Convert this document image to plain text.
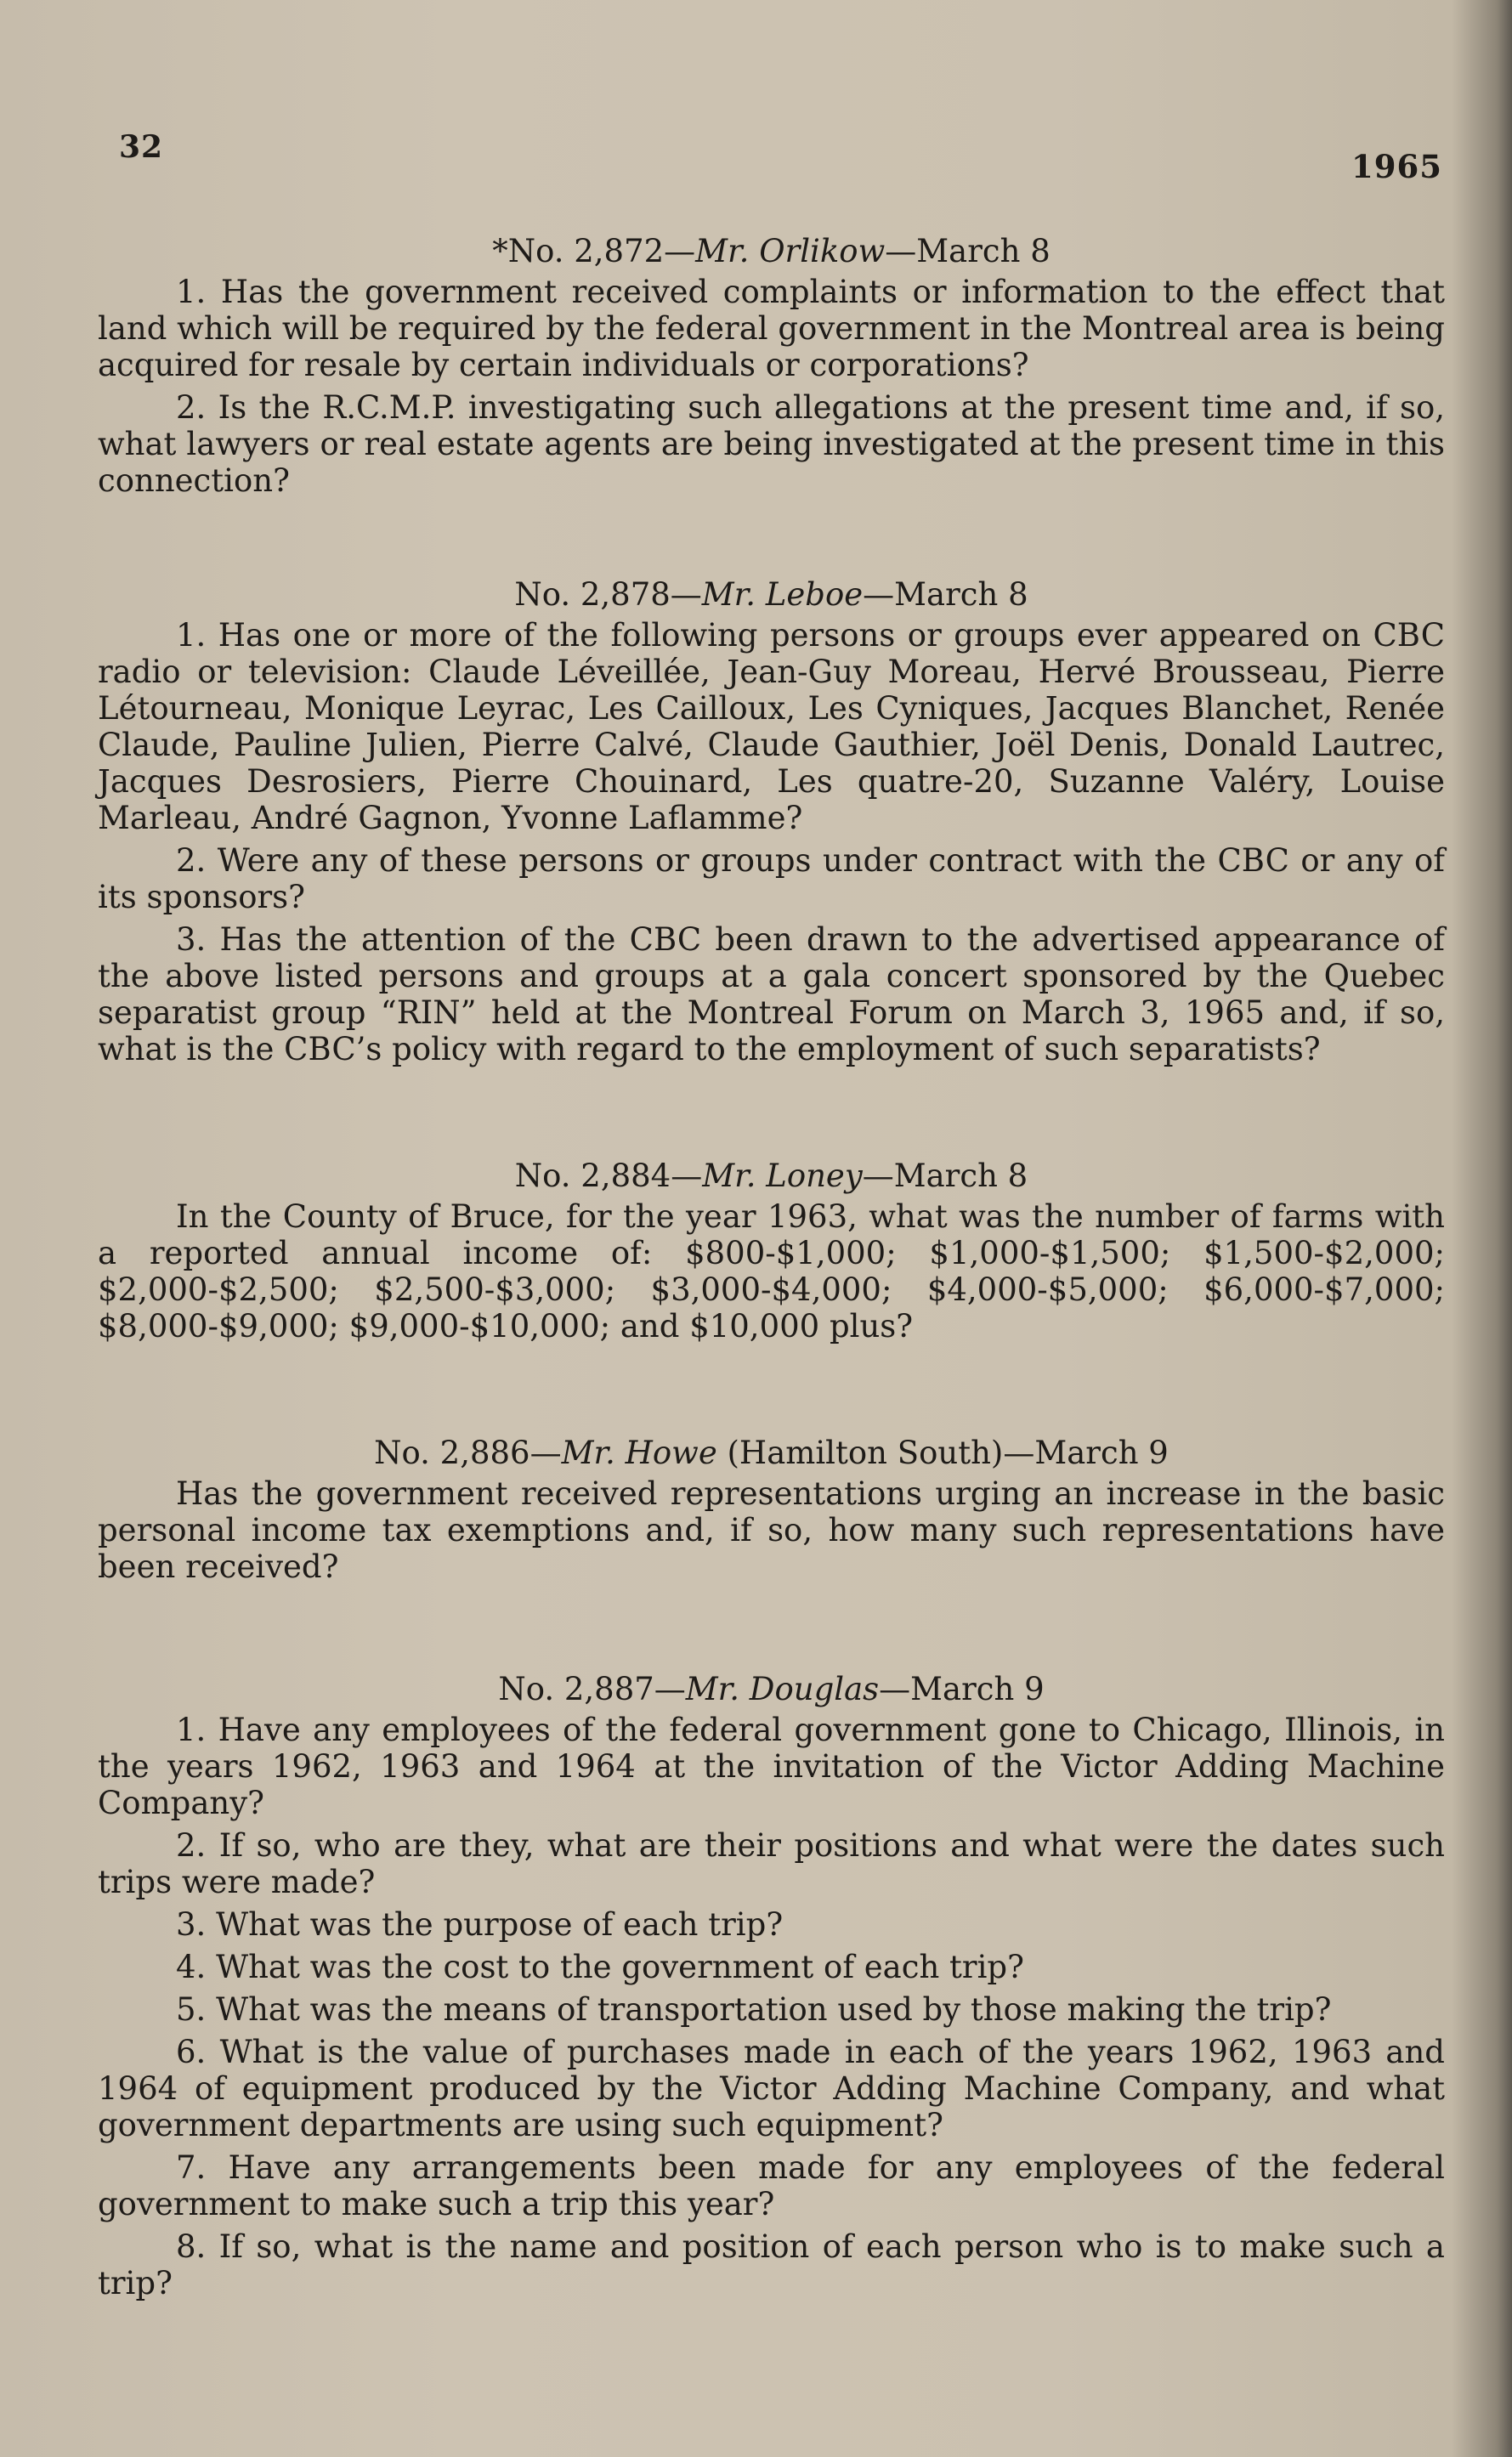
32
1965
*No. 2,872—Mr. Orlikow—March 8

1. Has the government received complaints or information to the effect that land which will be required by the federal government in the Montreal area is being acquired for resale by certain individuals or corporations?

2. Is the R.C.M.P. investigating such allegations at the present time and, if so, what lawyers or real estate agents are being investigated at the present time in this connection?

No. 2,878—Mr. Leboe—March 8

1. Has one or more of the following persons or groups ever appeared on CBC radio or television: Claude Léveillée, Jean-Guy Moreau, Hervé Brousseau, Pierre Létourneau, Monique Leyrac, Les Cailloux, Les Cyniques, Jacques Blanchet, Renée Claude, Pauline Julien, Pierre Calvé, Claude Gauthier, Joël Denis, Donald Lautrec, Jacques Desrosiers, Pierre Chouinard, Les quatre-20, Suzanne Valéry, Louise Marleau, André Gagnon, Yvonne Laflamme?

2. Were any of these persons or groups under contract with the CBC or any of its sponsors?

3. Has the attention of the CBC been drawn to the advertised appearance of the above listed persons and groups at a gala concert sponsored by the Quebec separatist group “RIN” held at the Montreal Forum on March 3, 1965 and, if so, what is the CBC’s policy with regard to the employment of such separatists?

No. 2,884—Mr. Loney—March 8

In the County of Bruce, for the year 1963, what was the number of farms with a reported annual income of: $800-$1,000; $1,000-$1,500; $1,500-$2,000; $2,000-$2,500; $2,500-$3,000; $3,000-$4,000; $4,000-$5,000; $6,000-$7,000; $8,000-$9,000; $9,000-$10,000; and $10,000 plus?

No. 2,886—Mr. Howe (Hamilton South)—March 9

Has the government received representations urging an increase in the basic personal income tax exemptions and, if so, how many such representations have been received?

No. 2,887—Mr. Douglas—March 9

1. Have any employees of the federal government gone to Chicago, Illinois, in the years 1962, 1963 and 1964 at the invitation of the Victor Adding Machine Company?

2. If so, who are they, what are their positions and what were the dates such trips were made?

3. What was the purpose of each trip?

4. What was the cost to the government of each trip?

5. What was the means of transportation used by those making the trip?

6. What is the value of purchases made in each of the years 1962, 1963 and 1964 of equipment produced by the Victor Adding Machine Company, and what government departments are using such equipment?

7. Have any arrangements been made for any employees of the federal government to make such a trip this year?

8. If so, what is the name and position of each person who is to make such a trip?
